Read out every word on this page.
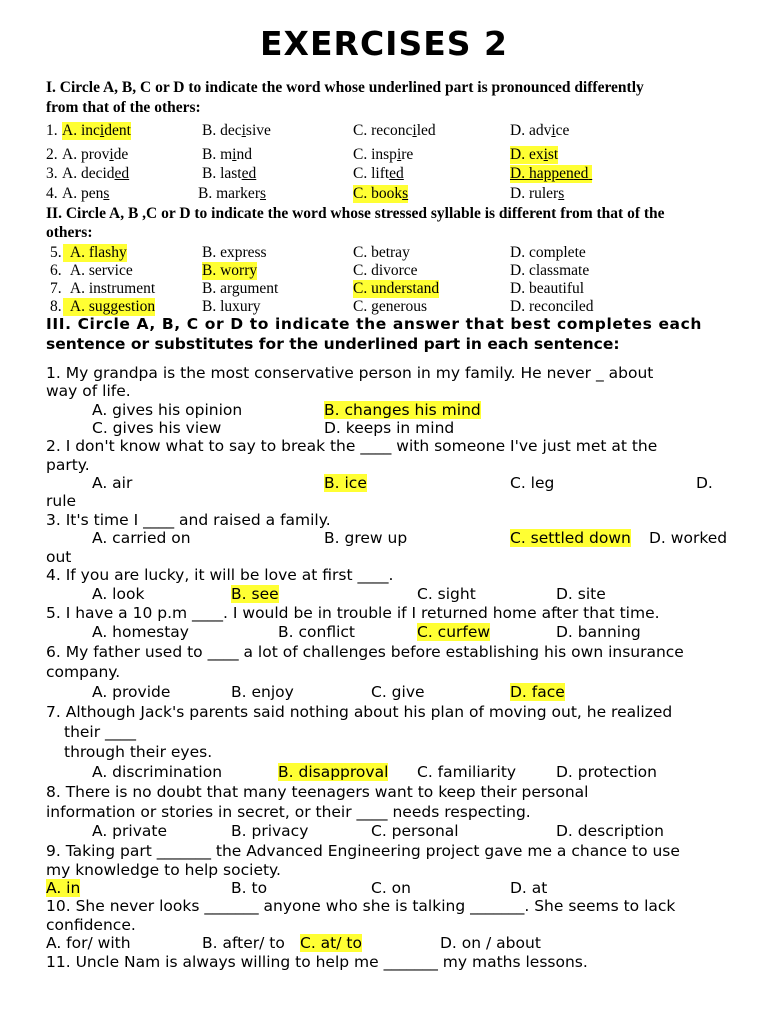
EXERCISES 2
I. Circle A, B, C or D to indicate the word whose underlined part is pronounced differently
from that of the others:
1. A. incident	B. decisive	C. reconciled	D. advice
2. A. provide	B. mind	C. inspire	D. exist
3. A. decided	B. lasted	C. lifted	D. happened
4. A. pens	B. markers	C. books	D. rulers
II. Circle A, B ,C or D to indicate the word whose stressed syllable is different from that of the
others:
5. A. flashy	B. express	C. betray	D. complete
6. A. service	B. worry	C. divorce	D. classmate
7. A. instrument	B. argument	C. understand	D. beautiful
8. A. suggestion	B. luxury	C. generous	D. reconciled
III. Circle A, B, C or D to indicate the answer that best completes each
sentence or substitutes for the underlined part in each sentence:
1. My grandpa is the most conservative person in my family. He never _ about
way of life.
A. gives his opinion	B. changes his mind
C. gives his view	D. keeps in mind
2. I don't know what to say to break the ____ with someone I've just met at the
party.
A. air	B. ice	C. leg	D.
rule
3. It's time I ____ and raised a family.
A. carried on	B. grew up	C. settled down D. worked
out
4. If you are lucky, it will be love at first ____.
A. look	B. see	C. sight	D. site
5. I have a 10 p.m ____. I would be in trouble if I returned home after that time.
A. homestay	B. conflict	C. curfew	D. banning
6. My father used to ____ a lot of challenges before establishing his own insurance
company.
A. provide	B. enjoy	C. give	D. face
7. Although Jack's parents said nothing about his plan of moving out, he realized
their ____
through their eyes.
A. discrimination	B. disapproval C. familiarity	D. protection
8. There is no doubt that many teenagers want to keep their personal
information or stories in secret, or their ____ needs respecting.
A. private	B. privacy	C. personal	D. description
9. Taking part _______ the Advanced Engineering project gave me a chance to use
my knowledge to help society.
A. in	B. to	C. on	D. at
10. She never looks _______ anyone who she is talking _______. She seems to lack
confidence.
A. for/ with	B. after/ to C. at/ to	D. on / about
11. Uncle Nam is always willing to help me _______ my maths lessons.
